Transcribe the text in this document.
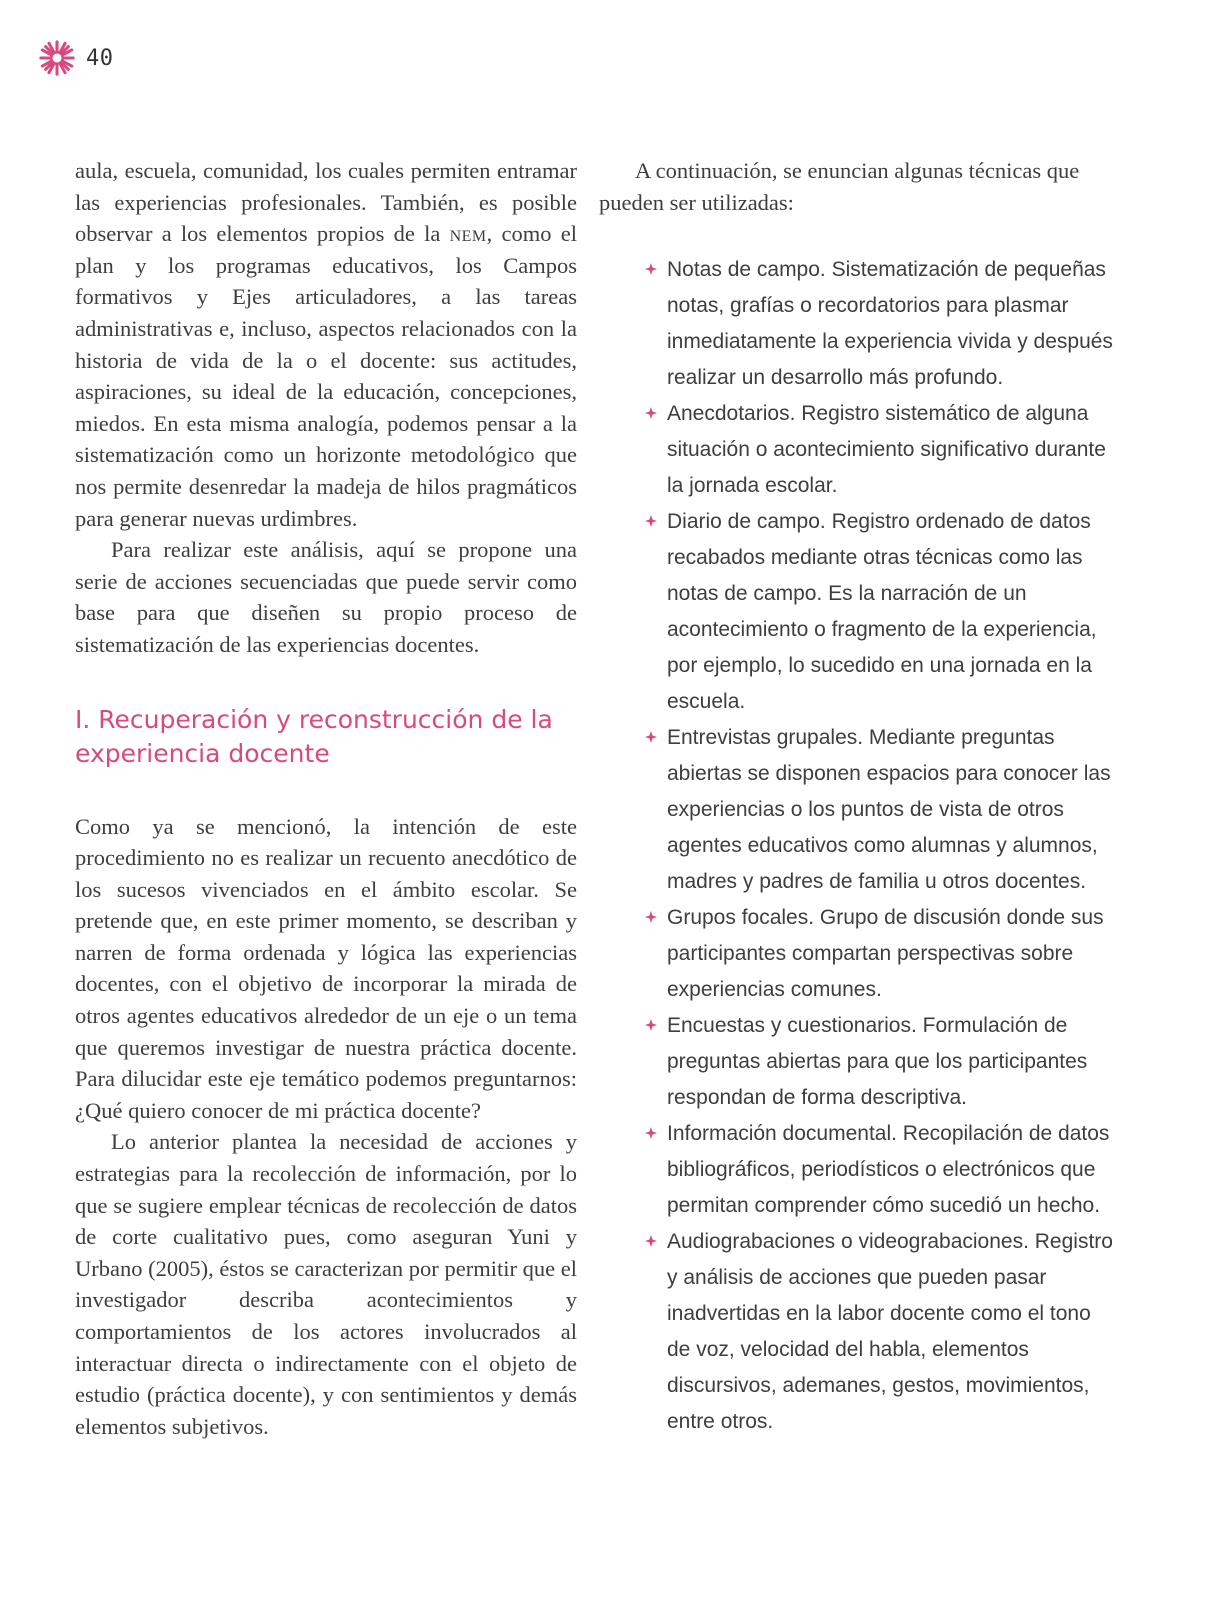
40

aula, escuela, comunidad, los cuales permiten entramar las experiencias profesionales. También, es posible observar a los elementos propios de la nem, como el plan y los programas educativos, los Campos formativos y Ejes articuladores, a las tareas administrativas e, incluso, aspectos relacionados con la historia de vida de la o el docente: sus actitudes, aspiraciones, su ideal de la educación, concepciones, miedos. En esta misma analogía, podemos pensar a la sistematización como un horizonte metodológico que nos permite desenredar la madeja de hilos pragmáticos para generar nuevas urdimbres.

Para realizar este análisis, aquí se propone una serie de acciones secuenciadas que puede servir como base para que diseñen su propio proceso de sistematización de las experiencias docentes.

I. Recuperación y reconstrucción de la experiencia docente

Como ya se mencionó, la intención de este procedimiento no es realizar un recuento anecdótico de los sucesos vivenciados en el ámbito escolar. Se pretende que, en este primer momento, se describan y narren de forma ordenada y lógica las experiencias docentes, con el objetivo de incorporar la mirada de otros agentes educativos alrededor de un eje o un tema que queremos investigar de nuestra práctica docente. Para dilucidar este eje temático podemos preguntarnos: ¿Qué quiero conocer de mi práctica docente?

Lo anterior plantea la necesidad de acciones y estrategias para la recolección de información, por lo que se sugiere emplear técnicas de recolección de datos de corte cualitativo pues, como aseguran Yuni y Urbano (2005), éstos se caracterizan por permitir que el investigador describa acontecimientos y comportamientos de los actores involucrados al interactuar directa o indirectamente con el objeto de estudio (práctica docente), y con sentimientos y demás elementos subjetivos.

A continuación, se enuncian algunas técnicas que pueden ser utilizadas:

Notas de campo. Sistematización de pequeñas notas, grafías o recordatorios para plasmar inmediatamente la experiencia vivida y después realizar un desarrollo más profundo.
Anecdotarios. Registro sistemático de alguna situación o acontecimiento significativo durante la jornada escolar.
Diario de campo. Registro ordenado de datos recabados mediante otras técnicas como las notas de campo. Es la narración de un acontecimiento o fragmento de la experiencia, por ejemplo, lo sucedido en una jornada en la escuela.
Entrevistas grupales. Mediante preguntas abiertas se disponen espacios para conocer las experiencias o los puntos de vista de otros agentes educativos como alumnas y alumnos, madres y padres de familia u otros docentes.
Grupos focales. Grupo de discusión donde sus participantes compartan perspectivas sobre experiencias comunes.
Encuestas y cuestionarios. Formulación de preguntas abiertas para que los participantes respondan de forma descriptiva.
Información documental. Recopilación de datos bibliográficos, periodísticos o electrónicos que permitan comprender cómo sucedió un hecho.
Audiograbaciones o videograbaciones. Registro y análisis de acciones que pueden pasar inadvertidas en la labor docente como el tono de voz, velocidad del habla, elementos discursivos, ademanes, gestos, movimientos, entre otros.
